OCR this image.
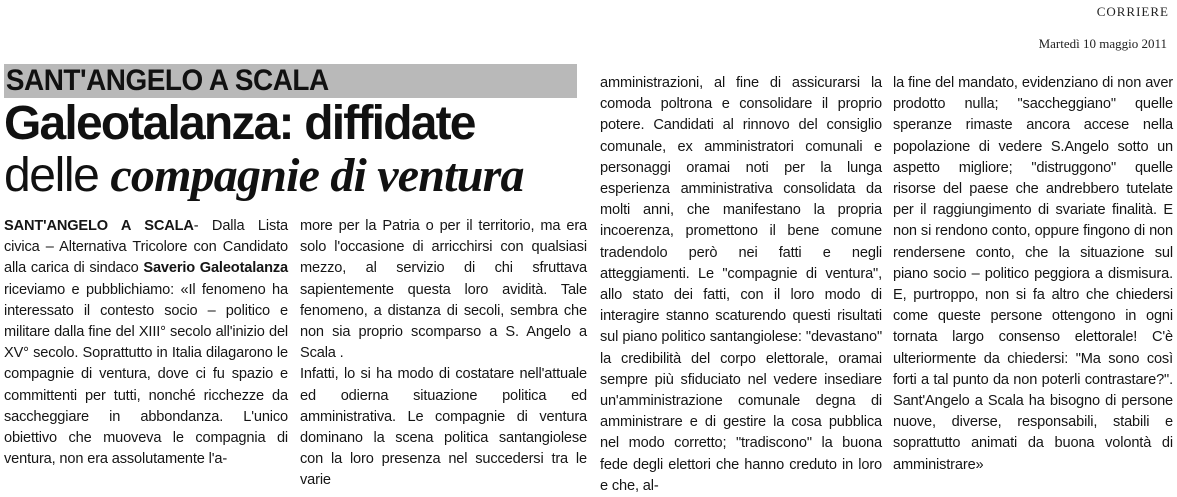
CORRIERE
Martedì 10 maggio 2011
SANT'ANGELO A SCALA
Galeotalanza: diffidate
delle compagnie di ventura

SANT'ANGELO A SCALA- Dalla Lista civica – Alternativa Tricolore con Candidato alla carica di sindaco Saverio Galeotalanza riceviamo e pubblichiamo: «Il fenomeno ha interessato il contesto socio – politico e militare dalla fine del XIII° secolo all'inizio del XV° secolo. Soprattutto in Italia dilagarono le compagnie di ventura, dove ci fu spazio e committenti per tutti, nonché ricchezze da saccheggiare in abbondanza. L'unico obiettivo che muoveva le compagnia di ventura, non era assolutamente l'a-

more per la Patria o per il territorio, ma era solo l'occasione di arricchirsi con qualsiasi mezzo, al servizio di chi sfruttava sapientemente questa loro avidità. Tale fenomeno, a distanza di secoli, sembra che non sia proprio scomparso a S. Angelo a Scala .

Infatti, lo si ha modo di costatare nell'attuale ed odierna situazione politica ed amministrativa. Le compagnie di ventura dominano la scena politica santangiolese con la loro presenza nel succedersi tra le varie

amministrazioni, al fine di assicurarsi la comoda poltrona e consolidare il proprio potere. Candidati al rinnovo del consiglio comunale, ex amministratori comunali e personaggi oramai noti per la lunga esperienza amministrativa consolidata da molti anni, che manifestano la propria incoerenza, promettono il bene comune tradendolo però nei fatti e negli atteggiamenti. Le "compagnie di ventura", allo stato dei fatti, con il loro modo di interagire stanno scaturendo questi risultati sul piano politico santangiolese: "devastano" la credibilità del corpo elettorale, oramai sempre più sfiduciato nel vedere insediare un'amministrazione comunale degna di amministrare e di gestire la cosa pubblica nel modo corretto; "tradiscono" la buona fede degli elettori che hanno creduto in loro e che, al-

la fine del mandato, evidenziano di non aver prodotto nulla; "saccheggiano" quelle speranze rimaste ancora accese nella popolazione di vedere S.Angelo sotto un aspetto migliore; "distruggono" quelle risorse del paese che andrebbero tutelate per il raggiungimento di svariate finalità. E non si rendono conto, oppure fingono di non rendersene conto, che la situazione sul piano socio – politico peggiora a dismisura. E, purtroppo, non si fa altro che chiedersi come queste persone ottengono in ogni tornata largo consenso elettorale! C'è ulteriormente da chiedersi: "Ma sono così forti a tal punto da non poterli contrastare?". Sant'Angelo a Scala ha bisogno di persone nuove, diverse, responsabili, stabili e soprattutto animati da buona volontà di amministrare»
